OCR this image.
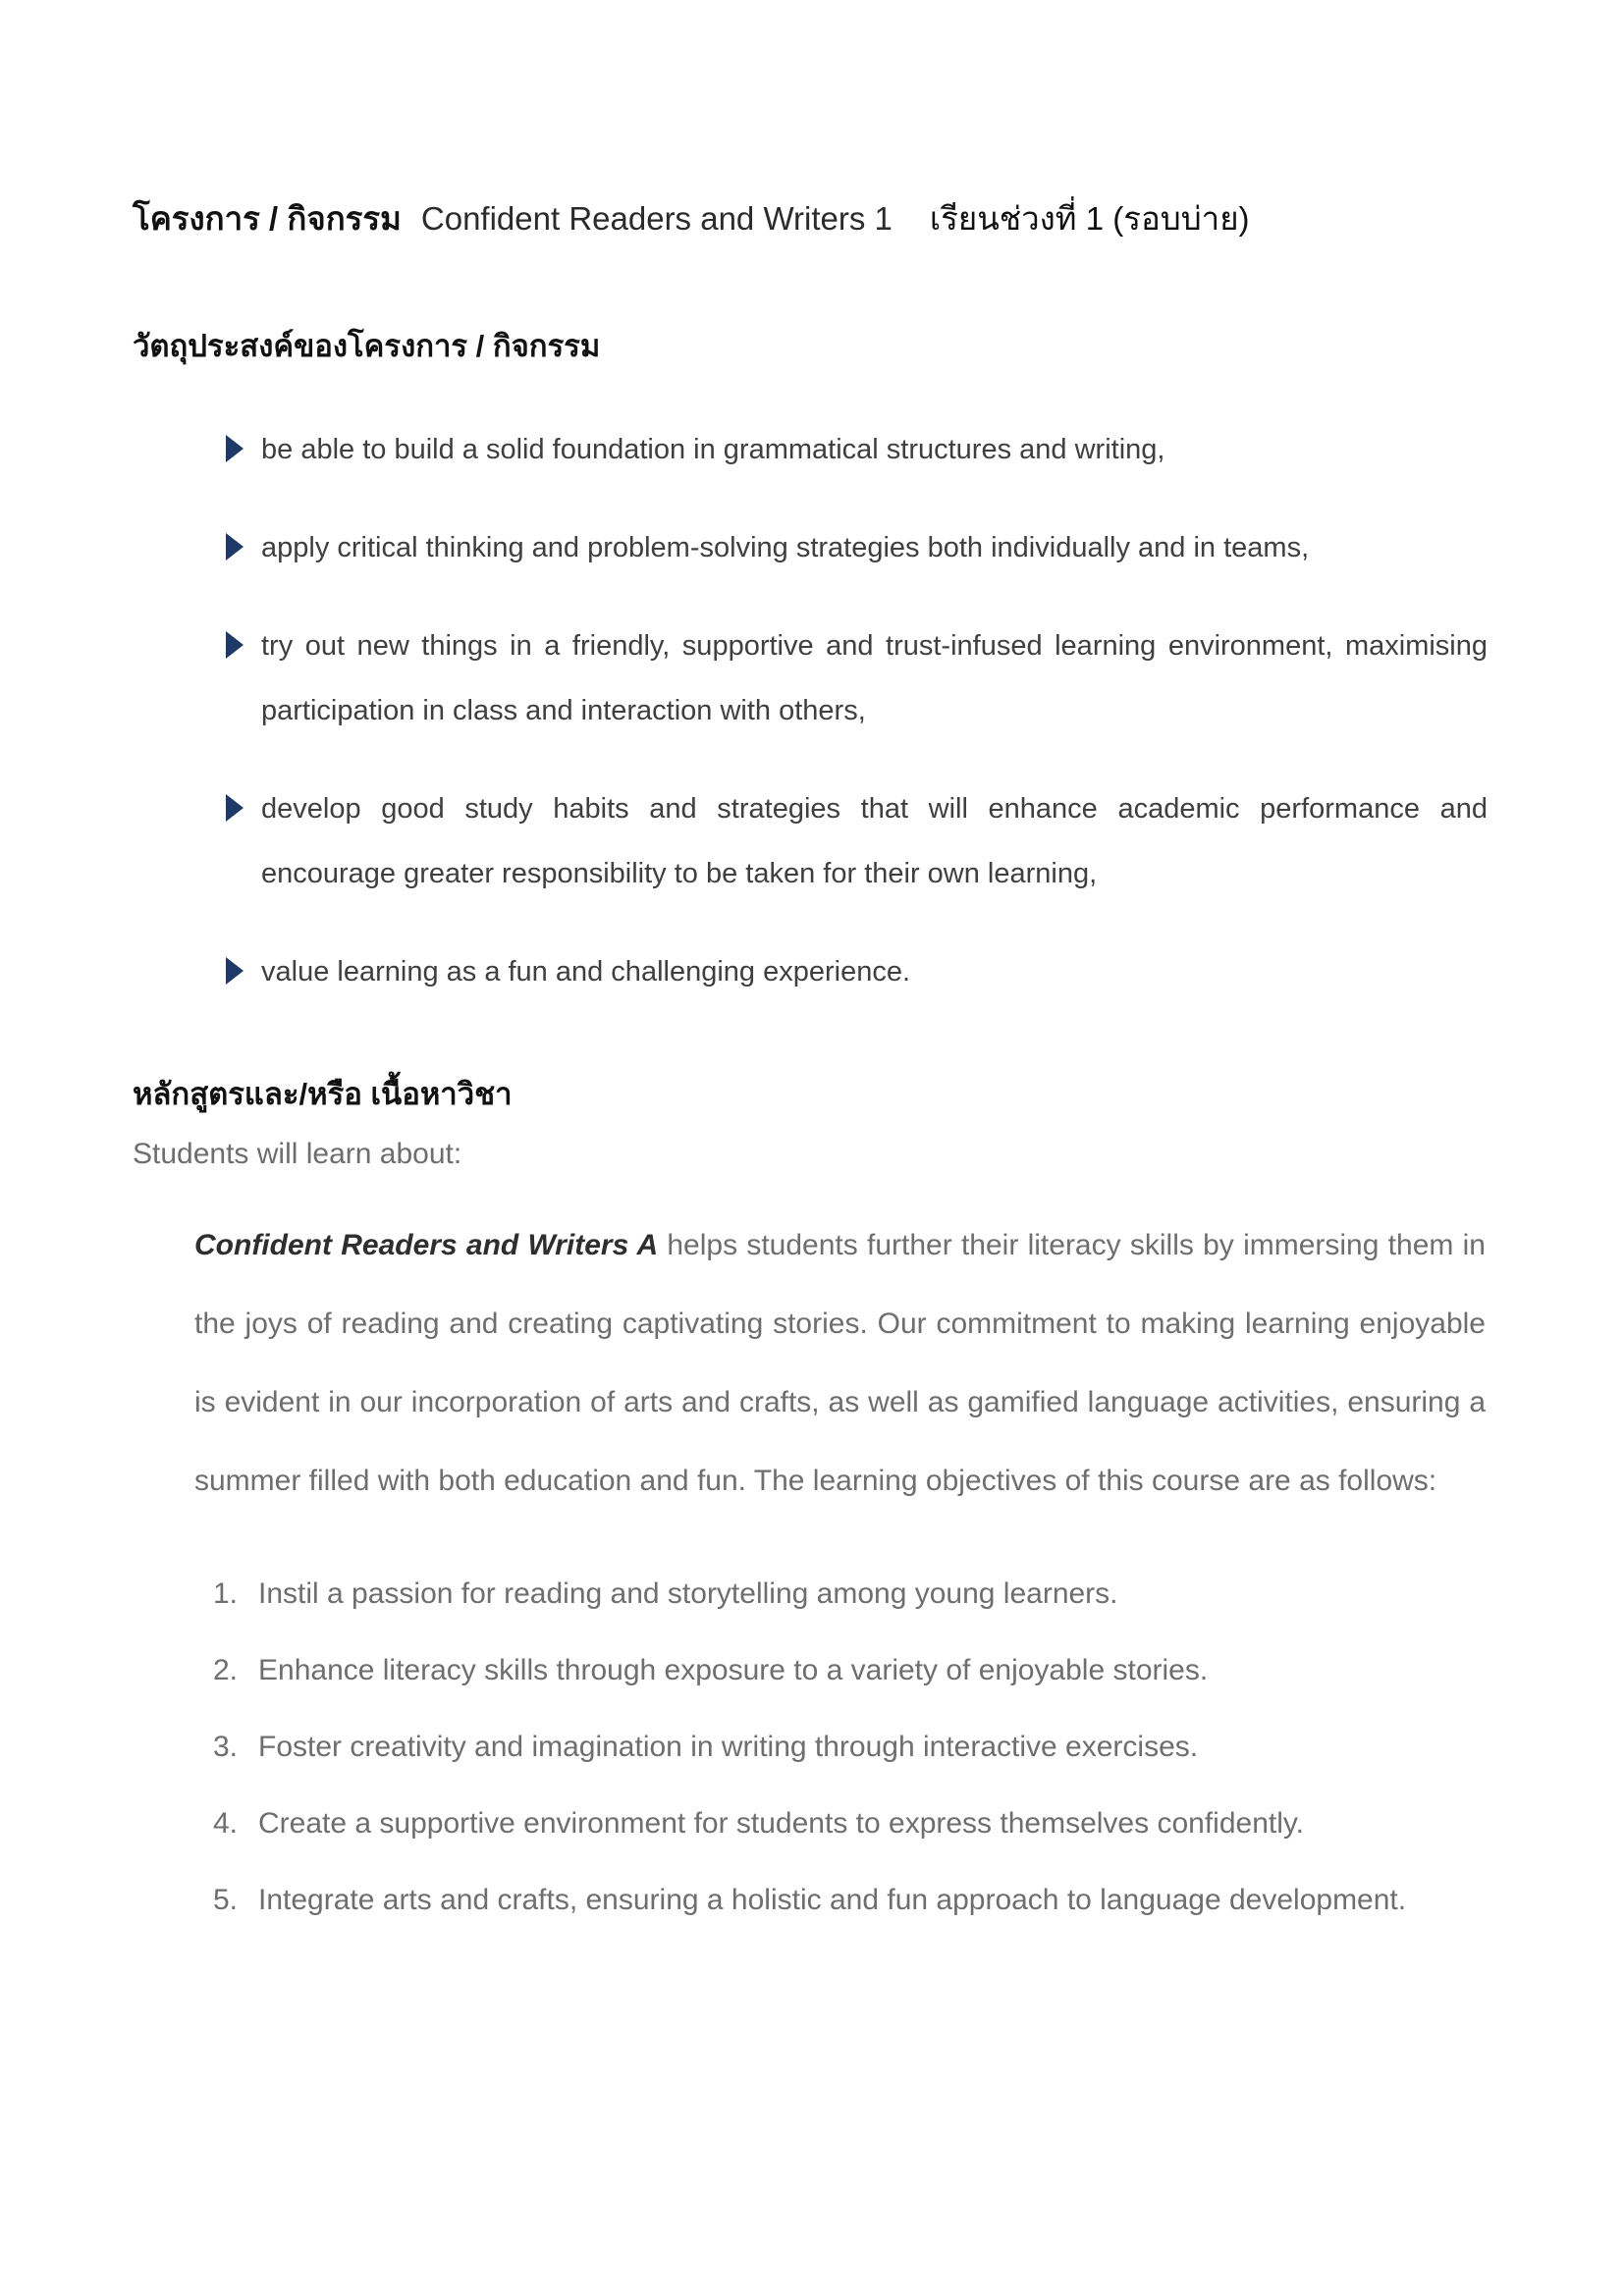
โครงการ / กิจกรรม Confident Readers and Writers 1 เรียนช่วงที่ 1 (รอบบ่าย)
วัตถุประสงค์ของโครงการ / กิจกรรม
be able to build a solid foundation in grammatical structures and writing,
apply critical thinking and problem-solving strategies both individually and in teams,
try out new things in a friendly, supportive and trust-infused learning environment, maximising participation in class and interaction with others,
develop good study habits and strategies that will enhance academic performance and encourage greater responsibility to be taken for their own learning,
value learning as a fun and challenging experience.
หลักสูตรและ/หรือ เนื้อหาวิชา
Students will learn about:

Confident Readers and Writers A helps students further their literacy skills by immersing them in the joys of reading and creating captivating stories. Our commitment to making learning enjoyable is evident in our incorporation of arts and crafts, as well as gamified language activities, ensuring a summer filled with both education and fun. The learning objectives of this course are as follows:

1. Instil a passion for reading and storytelling among young learners.
2. Enhance literacy skills through exposure to a variety of enjoyable stories.
3. Foster creativity and imagination in writing through interactive exercises.
4. Create a supportive environment for students to express themselves confidently.
5. Integrate arts and crafts, ensuring a holistic and fun approach to language development.
